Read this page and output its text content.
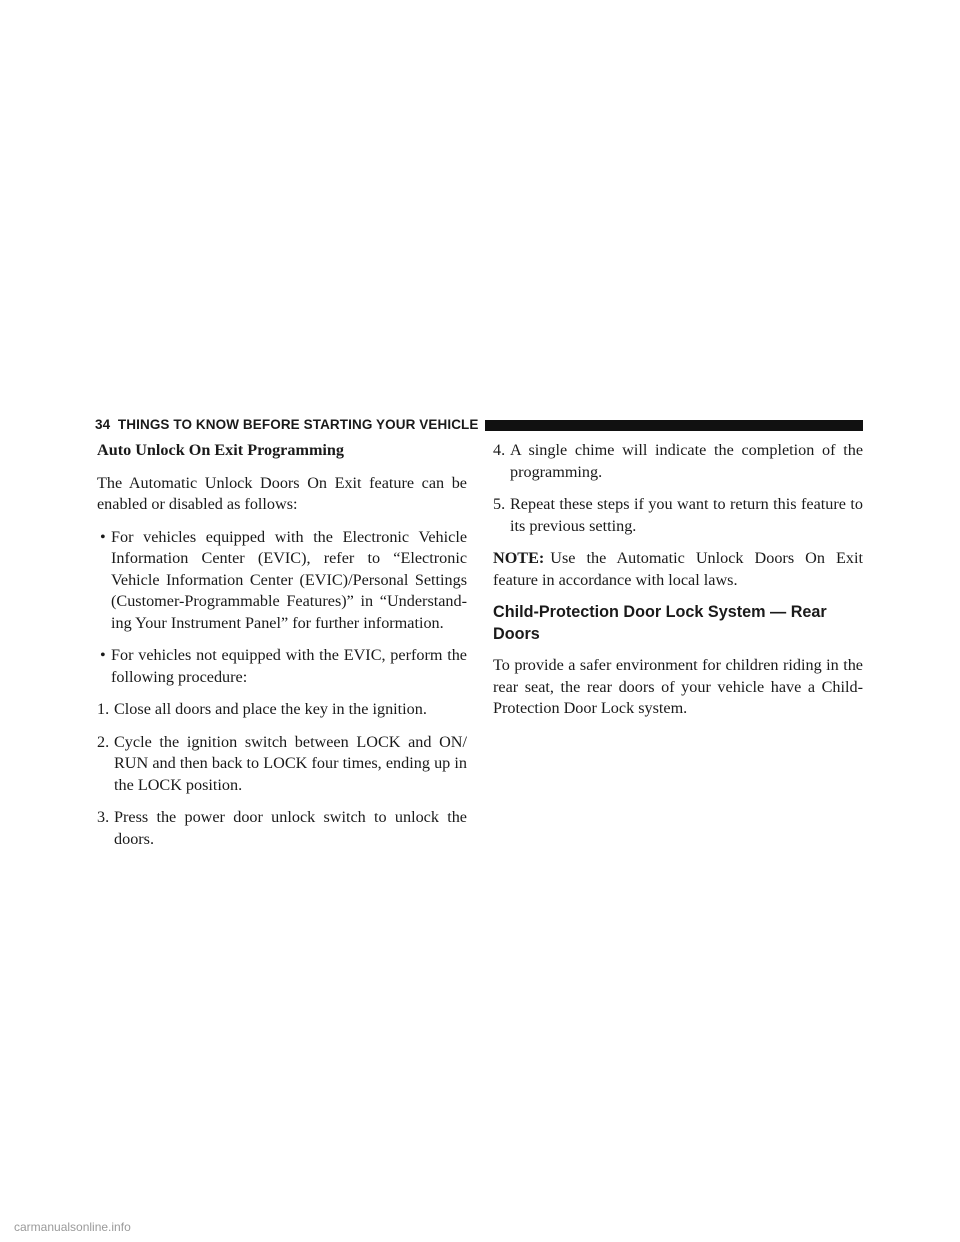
34 THINGS TO KNOW BEFORE STARTING YOUR VEHICLE
Auto Unlock On Exit Programming

The Automatic Unlock Doors On Exit feature can be enabled or disabled as follows:

• For vehicles equipped with the Electronic Vehicle Information Center (EVIC), refer to “Electronic Vehicle Information Center (EVIC)/Personal Settings (Customer-Programmable Features)” in “Understand- ing Your Instrument Panel” for further information.
• For vehicles not equipped with the EVIC, perform the following procedure:
1. Close all doors and place the key in the ignition.
2. Cycle the ignition switch between LOCK and ON/ RUN and then back to LOCK four times, ending up in the LOCK position.
3. Press the power door unlock switch to unlock the doors.
4. A single chime will indicate the completion of the programming.
5. Repeat these steps if you want to return this feature to its previous setting.

NOTE: Use the Automatic Unlock Doors On Exit feature in accordance with local laws.

Child-Protection Door Lock System — Rear Doors

To provide a safer environment for children riding in the rear seat, the rear doors of your vehicle have a Child- Protection Door Lock system.

carmanualsonline.info
